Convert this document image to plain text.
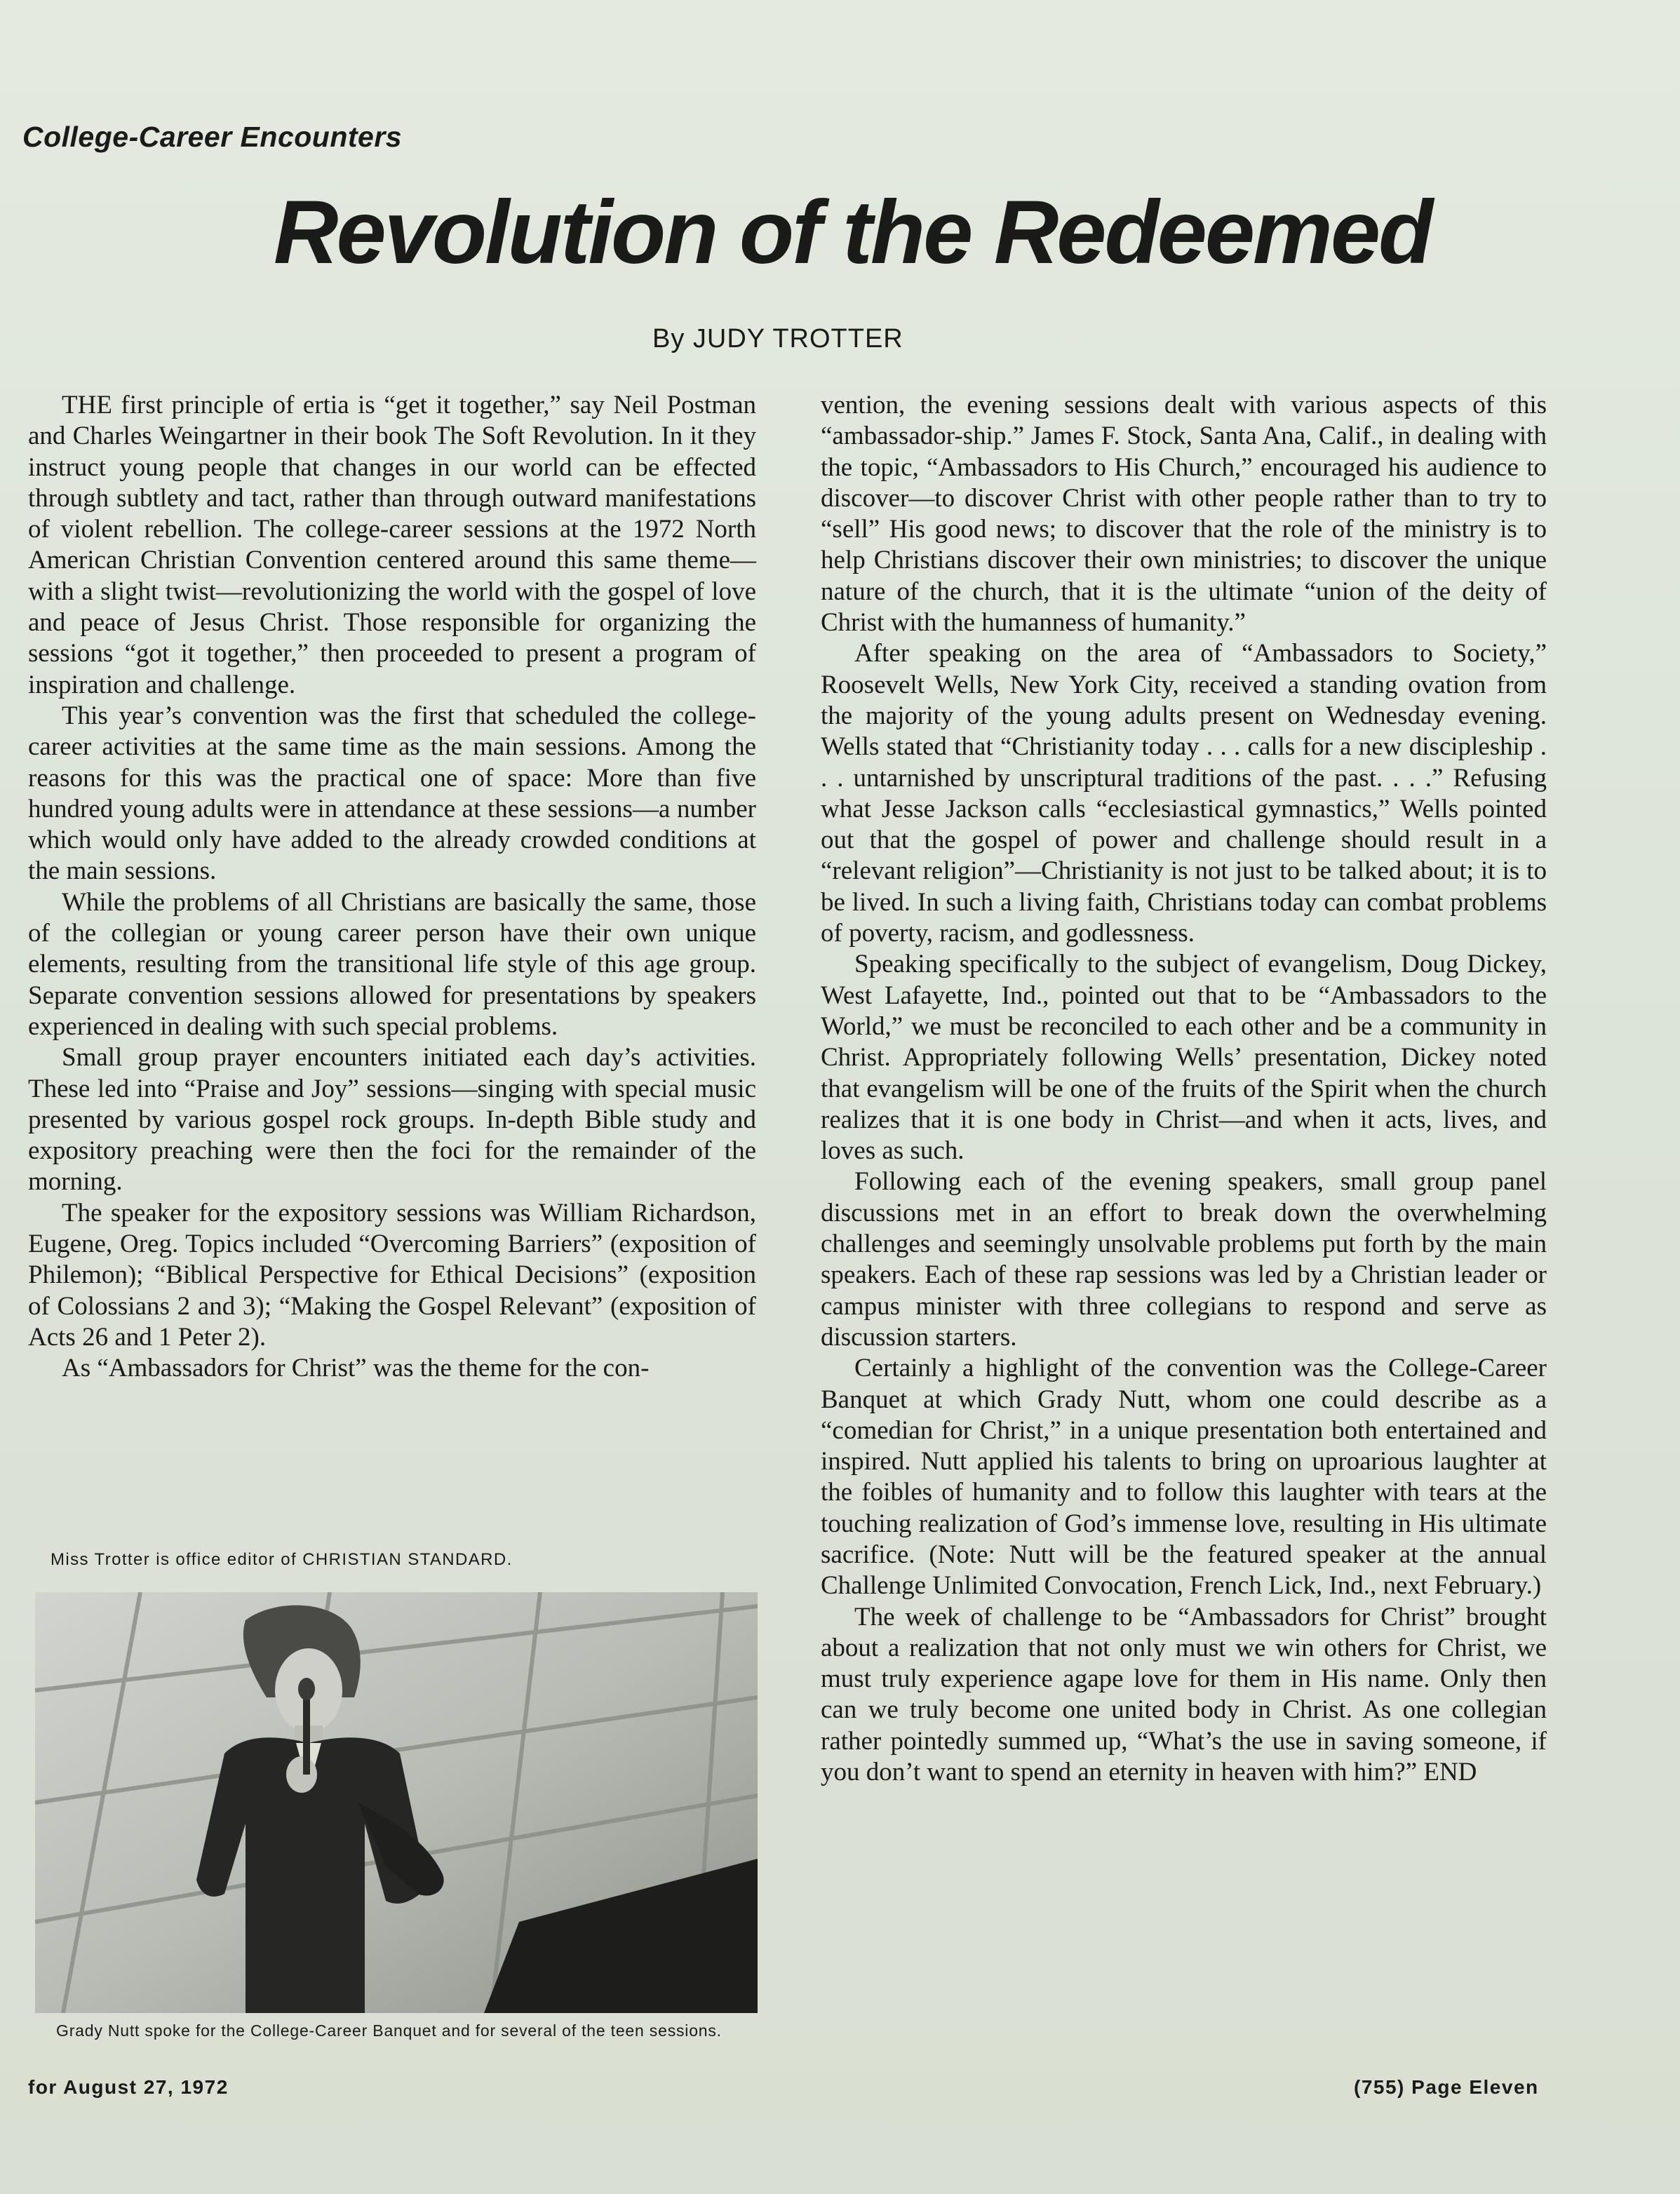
College-Career Encounters
Revolution of the Redeemed
By JUDY TROTTER

THE first principle of ertia is “get it together,” say Neil Postman and Charles Weingartner in their book The Soft Revolution. In it they instruct young people that changes in our world can be effected through subtlety and tact, rather than through outward manifestations of violent rebellion. The college-career sessions at the 1972 North American Christian Convention centered around this same theme—with a slight twist—revolutionizing the world with the gospel of love and peace of Jesus Christ. Those responsible for organizing the sessions “got it together,” then proceeded to present a program of inspiration and challenge.

This year’s convention was the first that scheduled the college-career activities at the same time as the main sessions. Among the reasons for this was the practical one of space: More than five hundred young adults were in attendance at these sessions—a number which would only have added to the already crowded conditions at the main sessions.

While the problems of all Christians are basically the same, those of the collegian or young career person have their own unique elements, resulting from the transitional life style of this age group. Separate convention sessions allowed for presentations by speakers experienced in dealing with such special problems.

Small group prayer encounters initiated each day’s activities. These led into “Praise and Joy” sessions—singing with special music presented by various gospel rock groups. In-depth Bible study and expository preaching were then the foci for the remainder of the morning.

The speaker for the expository sessions was William Richardson, Eugene, Oreg. Topics included “Overcoming Barriers” (exposition of Philemon); “Biblical Perspective for Ethical Decisions” (exposition of Colossians 2 and 3); “Making the Gospel Relevant” (exposition of Acts 26 and 1 Peter 2).

As “Ambassadors for Christ” was the theme for the con-

Miss Trotter is office editor of CHRISTIAN STANDARD.
Grady Nutt spoke for the College-Career Banquet and for several of the teen sessions.

vention, the evening sessions dealt with various aspects of this “ambassador-ship.” James F. Stock, Santa Ana, Calif., in dealing with the topic, “Ambassadors to His Church,” encouraged his audience to discover—to discover Christ with other people rather than to try to “sell” His good news; to discover that the role of the ministry is to help Christians discover their own ministries; to discover the unique nature of the church, that it is the ultimate “union of the deity of Christ with the humanness of humanity.”

After speaking on the area of “Ambassadors to Society,” Roosevelt Wells, New York City, received a standing ovation from the majority of the young adults present on Wednesday evening. Wells stated that “Christianity today . . . calls for a new discipleship . . . untarnished by unscriptural traditions of the past. . . .” Refusing what Jesse Jackson calls “ecclesiastical gymnastics,” Wells pointed out that the gospel of power and challenge should result in a “relevant religion”—Christianity is not just to be talked about; it is to be lived. In such a living faith, Christians today can combat problems of poverty, racism, and godlessness.

Speaking specifically to the subject of evangelism, Doug Dickey, West Lafayette, Ind., pointed out that to be “Ambassadors to the World,” we must be reconciled to each other and be a community in Christ. Appropriately following Wells’ presentation, Dickey noted that evangelism will be one of the fruits of the Spirit when the church realizes that it is one body in Christ—and when it acts, lives, and loves as such.

Following each of the evening speakers, small group panel discussions met in an effort to break down the overwhelming challenges and seemingly unsolvable problems put forth by the main speakers. Each of these rap sessions was led by a Christian leader or campus minister with three collegians to respond and serve as discussion starters.

Certainly a highlight of the convention was the College-Career Banquet at which Grady Nutt, whom one could describe as a “comedian for Christ,” in a unique presentation both entertained and inspired. Nutt applied his talents to bring on uproarious laughter at the foibles of humanity and to follow this laughter with tears at the touching realization of God’s immense love, resulting in His ultimate sacrifice. (Note: Nutt will be the featured speaker at the annual Challenge Unlimited Convocation, French Lick, Ind., next February.)

The week of challenge to be “Ambassadors for Christ” brought about a realization that not only must we win others for Christ, we must truly experience agape love for them in His name. Only then can we truly become one united body in Christ. As one collegian rather pointedly summed up, “What’s the use in saving someone, if you don’t want to spend an eternity in heaven with him?” END

for August 27, 1972	(755) Page Eleven
